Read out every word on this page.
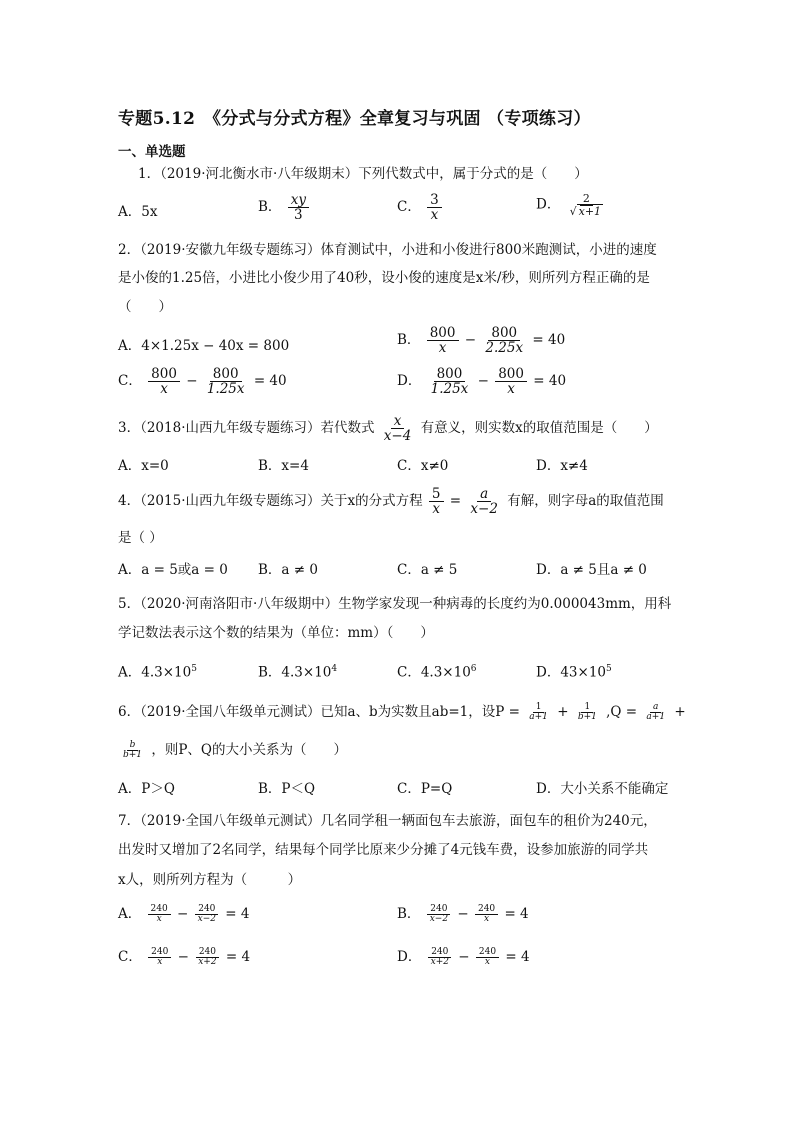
专题5.12　《分式与分式方程》全章复习与巩固 （专项练习）
一、单选题
1．（2019·河北衡水市·八年级期末）下列代数式中，属于分式的是（　　）
A．5x	B． $\frac{xy}{3}$	C． $\frac{3}{x}$	D． $\frac{2}{√ x+1}$
2．（2019·安徽九年级专题练习）体育测试中，小进和小俊进行800米跑测试，小进的速度
是小俊的1.25倍，小进比小俊少用了40秒，设小俊的速度是x米/秒，则所列方程正确的是
（　　）
A．4×1.25x − 40x = 800	B． $\frac{800}{x} - \frac{800}{2.25x} = 40$
C． $\frac{800}{x} - \frac{800}{1.25x} = 40$	D． $\frac{800}{1.25x} - \frac{800}{x} = 40$
3．（2018·山西九年级专题练习）若代数式 $\frac{x}{x-4}$ 有意义，则实数x的取值范围是（　　）
A．x=0	B．x=4	C．x≠0	D．x≠4
4．（2015·山西九年级专题练习）关于x的分式方程 $\frac{5}{x} = \frac{a}{x-2}$ 有解，则字母a的取值范围
是（ ）
A．a = 5或a = 0 B．a ≠ 0	C．a ≠ 5	D．a ≠ 5且a ≠ 0
5．（2020·河南洛阳市·八年级期中）生物学家发现一种病毒的长度约为0.000043mm，用科
学记数法表示这个数的结果为（单位：mm）（　　）
A．$4.3\times 10^5$	B．$4.3\times 10^4$	C．$4.3\times 10^6$	D．$43\times 10^5$
6．（2019·全国八年级单元测试）已知a、b为实数且ab=1，设$P = \frac{1}{a+1} + \frac{1}{b+1} ,Q = \frac{a}{a+1}$ +
$\frac{b}{b+1}$ ，则P、Q的大小关系为（　　）
A．P＞Q	B．P＜Q	C．P=Q	D．大小关系不能确定
7．（2019·全国八年级单元测试）几名同学租一辆面包车去旅游，面包车的租价为240元，
出发时又增加了2名同学，结果每个同学比原来少分摊了4元钱车费，设参加旅游的同学共
x人，则所列方程为（　　　）
A． $\frac{240}{x} - \frac{240}{x-2} = 4$	B． $\frac{240}{x-2} - \frac{240}{x} = 4$
C． $\frac{240}{x} - \frac{240}{x+2} = 4$	D． $\frac{240}{x+2} - \frac{240}{x} = 4$
